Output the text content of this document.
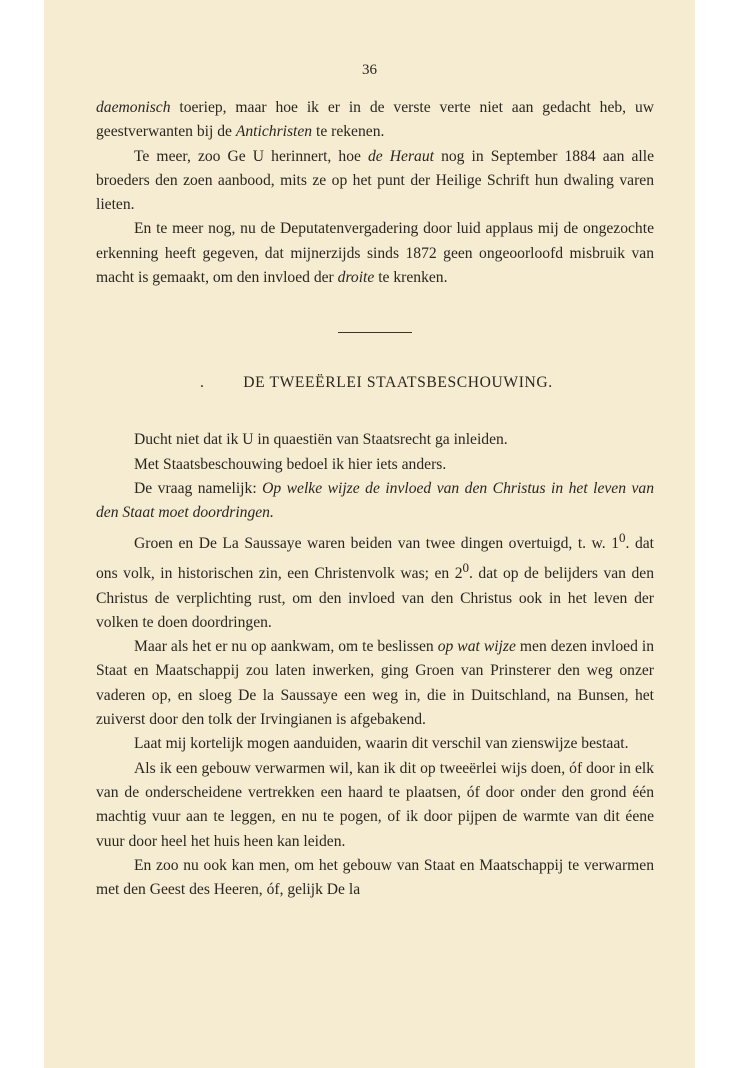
36

daemonisch toeriep, maar hoe ik er in de verste verte niet aan gedacht heb, uw geestverwanten bij de Antichristen te rekenen.

Te meer, zoo Ge U herinnert, hoe de Heraut nog in September 1884 aan alle broeders den zoen aanbood, mits ze op het punt der Heilige Schrift hun dwaling varen lieten.

En te meer nog, nu de Deputatenvergadering door luid applaus mij de ongezochte erkenning heeft gegeven, dat mijnerzijds sinds 1872 geen ongeoorloofd misbruik van macht is gemaakt, om den invloed der droite te krenken.

. DE TWEEËRLEI STAATSBESCHOUWING.

Ducht niet dat ik U in quaestiën van Staatsrecht ga inleiden.

Met Staatsbeschouwing bedoel ik hier iets anders.

De vraag namelijk: Op welke wijze de invloed van den Christus in het leven van den Staat moet doordringen.

Groen en De La Saussaye waren beiden van twee dingen overtuigd, t. w. $1^0$. dat ons volk, in historischen zin, een Christenvolk was; en $2^0$. dat op de belijders van den Christus de verplichting rust, om den invloed van den Christus ook in het leven der volken te doen doordringen.

Maar als het er nu op aankwam, om te beslissen op wat wijze men dezen invloed in Staat en Maatschappij zou laten inwerken, ging Groen van Prinsterer den weg onzer vaderen op, en sloeg De la Saussaye een weg in, die in Duitschland, na Bunsen, het zuiverst door den tolk der Irvingianen is afgebakend.

Laat mij kortelijk mogen aanduiden, waarin dit verschil van zienswijze bestaat.

Als ik een gebouw verwarmen wil, kan ik dit op tweeërlei wijs doen, óf door in elk van de onderscheidene vertrekken een haard te plaatsen, óf door onder den grond één machtig vuur aan te leggen, en nu te pogen, of ik door pijpen de warmte van dit éene vuur door heel het huis heen kan leiden.

En zoo nu ook kan men, om het gebouw van Staat en Maatschappij te verwarmen met den Geest des Heeren, óf, gelijk De la
